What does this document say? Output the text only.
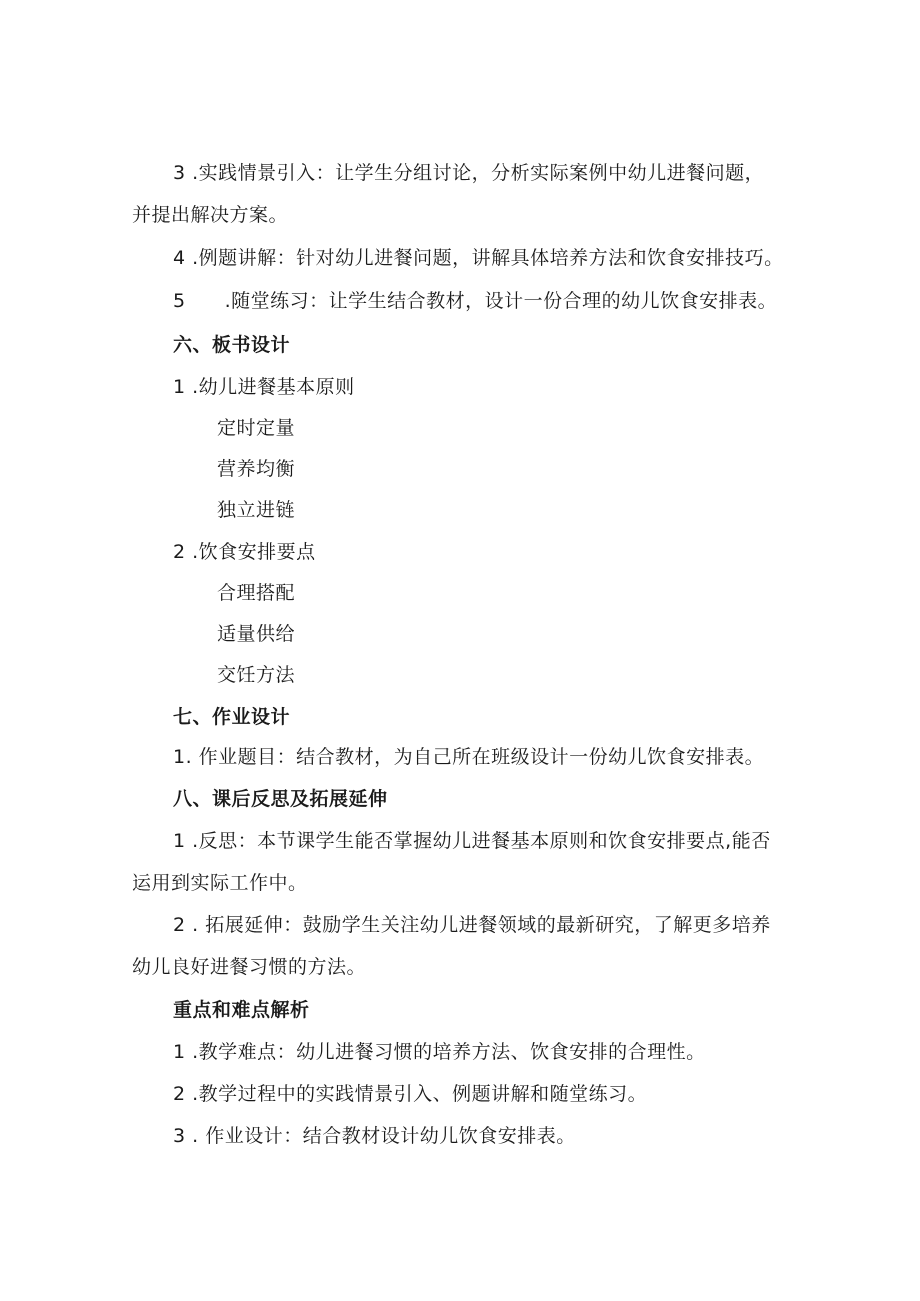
3 .实践情景引入：让学生分组讨论，分析实际案例中幼儿进餐问题，
并提出解决方案。
4 .例题讲解：针对幼儿进餐问题，讲解具体培养方法和饮食安排技巧。
5　　.随堂练习：让学生结合教材，设计一份合理的幼儿饮食安排表。
六、板书设计
1 .幼儿进餐基本原则
定时定量
营养均衡
独立进链
2 .饮食安排要点
合理搭配
适量供给
交饪方法
七、作业设计
1. 作业题目：结合教材，为自己所在班级设计一份幼儿饮食安排表。
八、课后反思及拓展延伸
1 .反思：本节课学生能否掌握幼儿进餐基本原则和饮食安排要点,能否
运用到实际工作中。
2 . 拓展延伸：鼓励学生关注幼儿进餐领域的最新研究，了解更多培养
幼儿良好进餐习惯的方法。
重点和难点解析
1 .教学难点：幼儿进餐习惯的培养方法、饮食安排的合理性。
2 .教学过程中的实践情景引入、例题讲解和随堂练习。
3 . 作业设计：结合教材设计幼儿饮食安排表。
